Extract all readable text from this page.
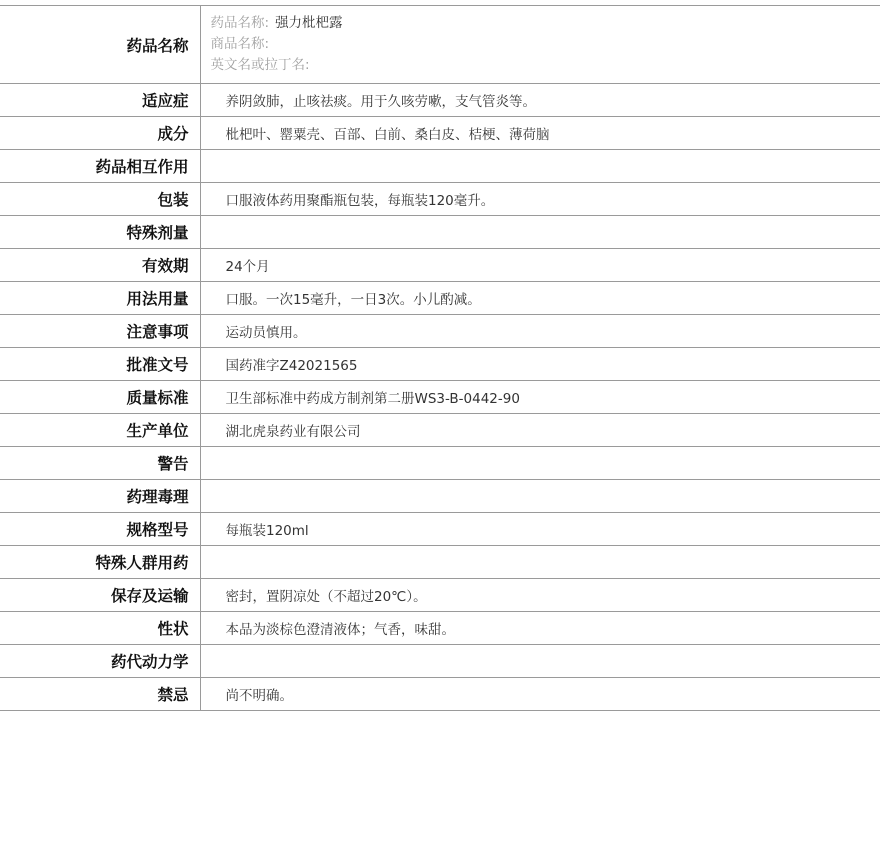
药品名称	药品名称: 强力枇杷露
商品名称:
英文名或拉丁名:

适应症	养阴敛肺，止咳祛痰。用于久咳劳嗽，支气管炎等。
成分	枇杷叶、罂粟壳、百部、白前、桑白皮、桔梗、薄荷脑
药品相互作用	
包装	口服液体药用聚酯瓶包装，每瓶装120毫升。
特殊剂量	
有效期	24个月
用法用量	口服。一次15毫升，一日3次。小儿酌减。
注意事项	运动员慎用。
批准文号	国药准字Z42021565
质量标准	卫生部标准中药成方制剂第二册WS3-B-0442-90
生产单位	湖北虎泉药业有限公司
警告	
药理毒理	
规格型号	每瓶装120ml
特殊人群用药	
保存及运输	密封，置阴凉处（不超过20℃）。
性状	本品为淡棕色澄清液体；气香，味甜。
药代动力学	
禁忌	尚不明确。
